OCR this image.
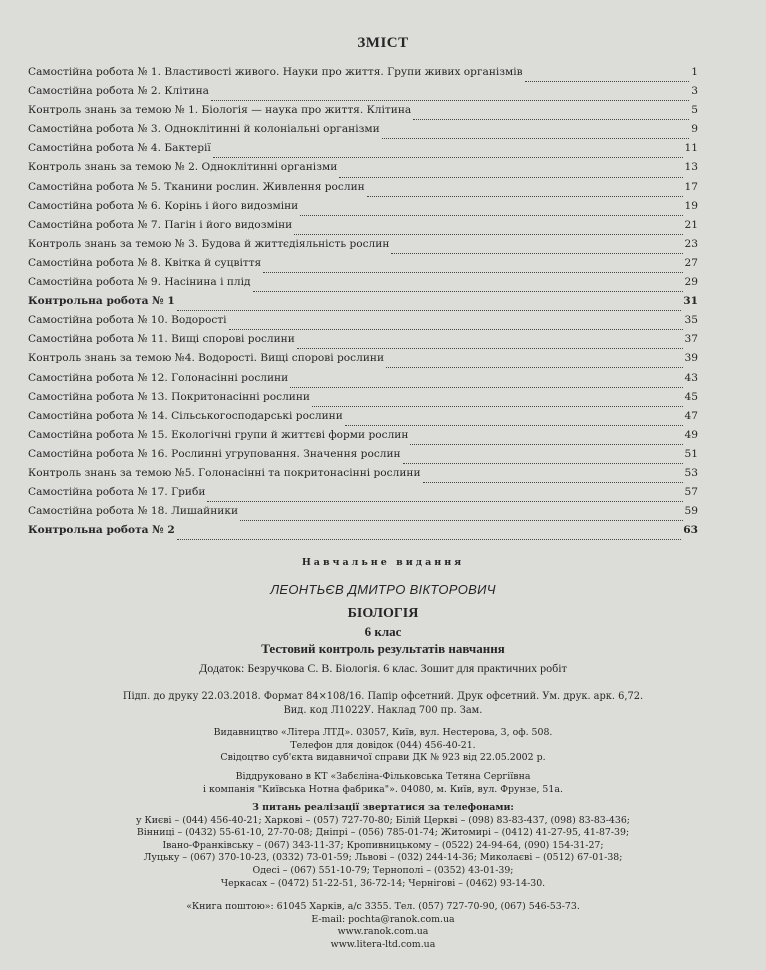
ЗМІСТ
Самостійна робота № 1. Властивості живого. Науки про життя. Групи живих організмів	1
Самостійна робота № 2. Клітина	3
Контроль знань за темою № 1. Біологія — наука про життя. Клітина	5
Самостійна робота № 3. Одноклітинні й колоніальні організми	9
Самостійна робота № 4. Бактерії	11
Контроль знань за темою № 2. Одноклітинні організми	13
Самостійна робота № 5. Тканини рослин. Живлення рослин	17
Самостійна робота № 6. Корінь і його видозміни	19
Самостійна робота № 7. Пагін і його видозміни	21
Контроль знань за темою № 3. Будова й життєдіяльність рослин	23
Самостійна робота № 8. Квітка й суцвіття	27
Самостійна робота № 9. Насінина і плід	29
Контрольна робота № 1	31
Самостійна робота № 10. Водорості	35
Самостійна робота № 11. Вищі спорові рослини	37
Контроль знань за темою №4. Водорості. Вищі спорові рослини	39
Самостійна робота № 12. Голонасінні рослини	43
Самостійна робота № 13. Покритонасінні рослини	45
Самостійна робота № 14. Сільськогосподарські рослини	47
Самостійна робота № 15. Екологічні групи й життєві форми рослин	49
Самостійна робота № 16. Рослинні угруповання. Значення рослин	51
Контроль знань за темою №5. Голонасінні та покритонасінні рослини	53
Самостійна робота № 17. Гриби	57
Самостійна робота № 18. Лишайники	59
Контрольна робота № 2	63
Навчальне видання
ЛЕОНТЬЄВ ДМИТРО ВІКТОРОВИЧ
БІОЛОГІЯ
6 клас
Тестовий контроль результатів навчання
Додаток: Безручкова С. В. Біологія. 6 клас. Зошит для практичних робіт
Підп. до друку 22.03.2018. Формат 84×108/16. Папір офсетний. Друк офсетний. Ум. друк. арк. 6,72.
Вид. код Л1022У. Наклад 700 пр. Зам.
Видавництво «Літера ЛТД». 03057, Київ, вул. Нестерова, 3, оф. 508.
Телефон для довідок (044) 456-40-21.
Свідоцтво суб'єкта видавничої справи ДК № 923 від 22.05.2002 р.
Віддруковано в КТ «Забєліна-Фільковська Тетяна Сергіївна
і компанія "Київська Нотна фабрика"». 04080, м. Київ, вул. Фрунзе, 51а.
З питань реалізації звертатися за телефонами:
у Києві – (044) 456-40-21; Харкові – (057) 727-70-80; Білій Церкві – (098) 83-83-437, (098) 83-83-436;
Вінниці – (0432) 55-61-10, 27-70-08; Дніпрі – (056) 785-01-74; Житомирі – (0412) 41-27-95, 41-87-39;
Івано-Франківську – (067) 343-11-37; Кропивницькому – (0522) 24-94-64, (090) 154-31-27;
Луцьку – (067) 370-10-23, (0332) 73-01-59; Львові – (032) 244-14-36; Миколаєві – (0512) 67-01-38;
Одесі – (067) 551-10-79; Тернополі – (0352) 43-01-39;
Черкасах – (0472) 51-22-51, 36-72-14; Чернігові – (0462) 93-14-30.
«Книга поштою»: 61045 Харків, а/с 3355. Тел. (057) 727-70-90, (067) 546-53-73.
E-mail: pochta@ranok.com.ua
www.ranok.com.ua
www.litera-ltd.com.ua
